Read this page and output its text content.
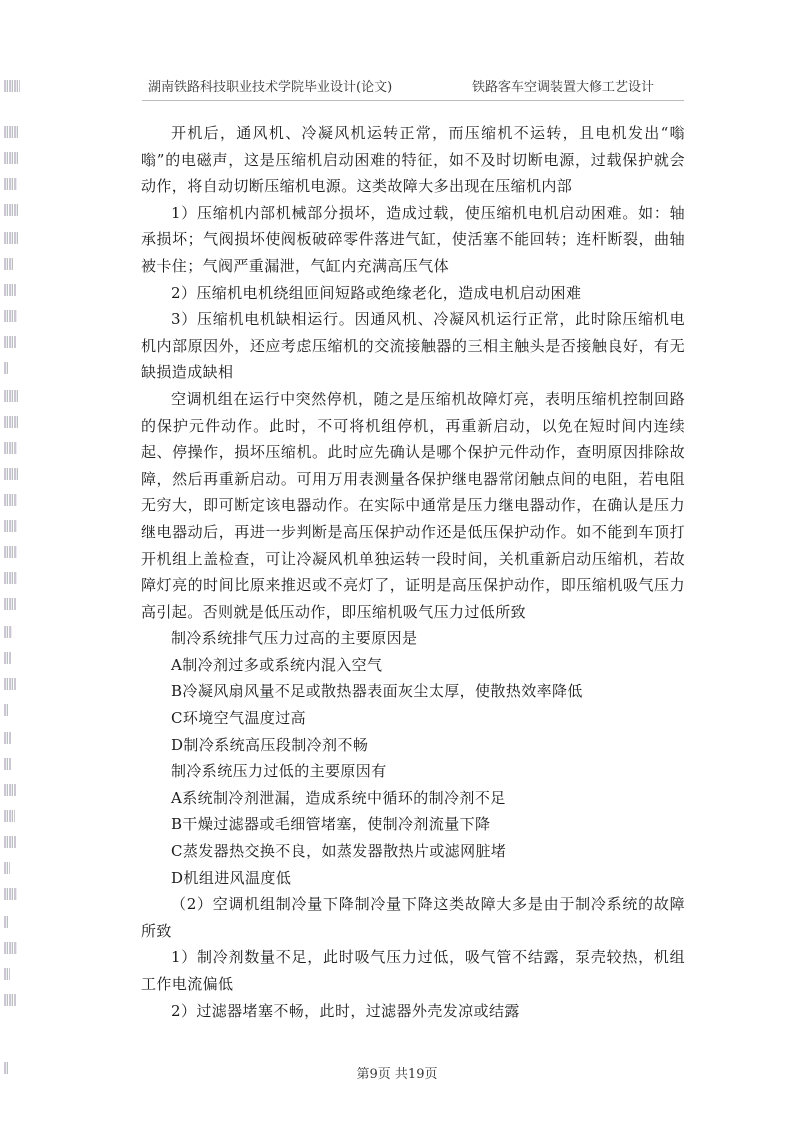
湖南铁路科技职业技术学院毕业设计(论文)	铁路客车空调装置大修工艺设计

开机后，通风机、冷凝风机运转正常，而压缩机不运转，且电机发出“嗡嗡”的电磁声，这是压缩机启动困难的特征，如不及时切断电源，过载保护就会动作，将自动切断压缩机电源。这类故障大多出现在压缩机内部

1）压缩机内部机械部分损坏，造成过载，使压缩机电机启动困难。如：轴承损坏；气阀损坏使阀板破碎零件落进气缸，使活塞不能回转；连杆断裂，曲轴被卡住；气阀严重漏泄，气缸内充满高压气体

2）压缩机电机绕组匝间短路或绝缘老化，造成电机启动困难

3）压缩机电机缺相运行。因通风机、冷凝风机运行正常，此时除压缩机电机内部原因外，还应考虑压缩机的交流接触器的三相主触头是否接触良好，有无缺损造成缺相

空调机组在运行中突然停机，随之是压缩机故障灯亮，表明压缩机控制回路的保护元件动作。此时，不可将机组停机，再重新启动，以免在短时间内连续起、停操作，损坏压缩机。此时应先确认是哪个保护元件动作，查明原因排除故障，然后再重新启动。可用万用表测量各保护继电器常闭触点间的电阻，若电阻无穷大，即可断定该电器动作。在实际中通常是压力继电器动作，在确认是压力继电器动后，再进一步判断是高压保护动作还是低压保护动作。如不能到车顶打开机组上盖检查，可让冷凝风机单独运转一段时间，关机重新启动压缩机，若故障灯亮的时间比原来推迟或不亮灯了，证明是高压保护动作，即压缩机吸气压力高引起。否则就是低压动作，即压缩机吸气压力过低所致

制冷系统排气压力过高的主要原因是

A制冷剂过多或系统内混入空气

B冷凝风扇风量不足或散热器表面灰尘太厚，使散热效率降低

C环境空气温度过高

D制冷系统高压段制冷剂不畅

制冷系统压力过低的主要原因有

A系统制冷剂泄漏，造成系统中循环的制冷剂不足

B干燥过滤器或毛细管堵塞，使制冷剂流量下降

C蒸发器热交换不良，如蒸发器散热片或滤网脏堵

D机组进风温度低

（2）空调机组制冷量下降制冷量下降这类故障大多是由于制冷系统的故障所致

1）制冷剂数量不足，此时吸气压力过低，吸气管不结露，泵壳较热，机组工作电流偏低

2）过滤器堵塞不畅，此时，过滤器外壳发凉或结露

第9页 共19页
